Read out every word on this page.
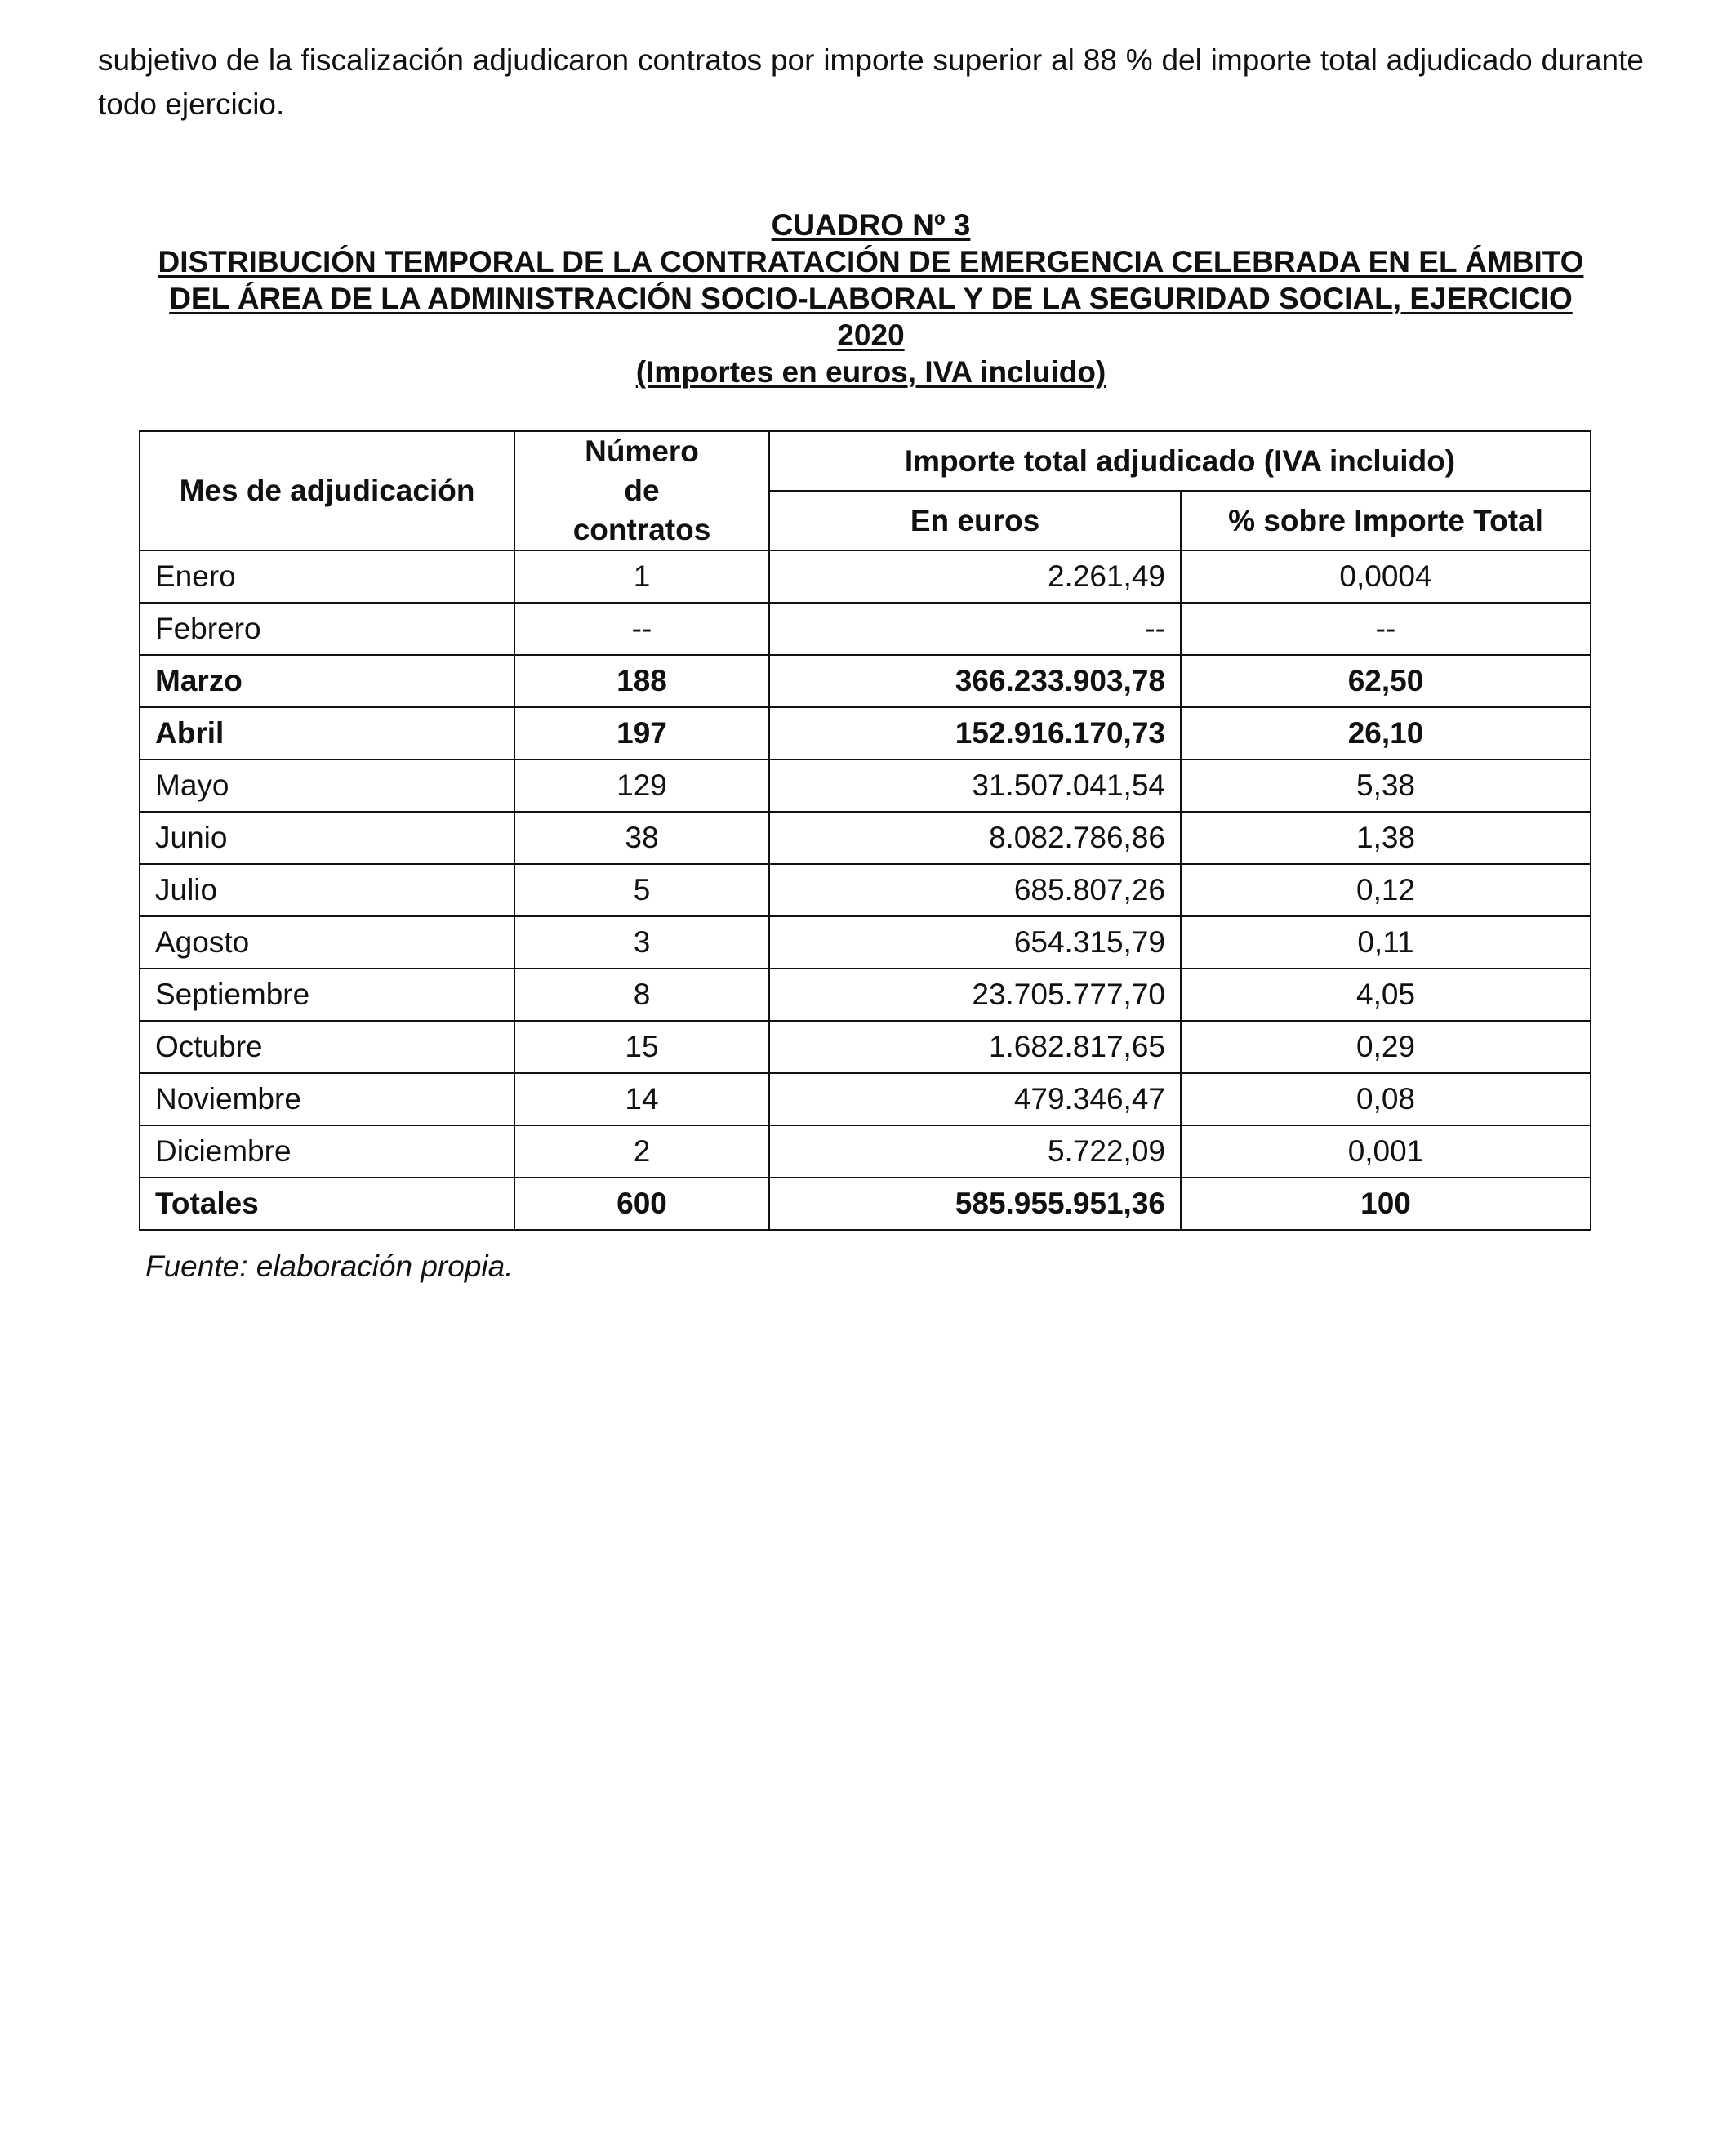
subjetivo de la fiscalización adjudicaron contratos por importe superior al 88 % del importe total adjudicado durante todo ejercicio.

CUADRO Nº 3
DISTRIBUCIÓN TEMPORAL DE LA CONTRATACIÓN DE EMERGENCIA CELEBRADA EN EL ÁMBITO
DEL ÁREA DE LA ADMINISTRACIÓN SOCIO-LABORAL Y DE LA SEGURIDAD SOCIAL, EJERCICIO
2020
(Importes en euros, IVA incluido)
Mes de adjudicación	Número de contratos	Importe total adjudicado (IVA incluido)	
		En euros	% sobre Importe Total
Enero	1	2.261,49	0,0004
Febrero	--	--	--
Marzo	188	366.233.903,78	62,50
Abril	197	152.916.170,73	26,10
Mayo	129	31.507.041,54	5,38
Junio	38	8.082.786,86	1,38
Julio	5	685.807,26	0,12
Agosto	3	654.315,79	0,11
Septiembre	8	23.705.777,70	4,05
Octubre	15	1.682.817,65	0,29
Noviembre	14	479.346,47	0,08
Diciembre	2	5.722,09	0,001
Totales	600	585.955.951,36	100
Fuente: elaboración propia.
